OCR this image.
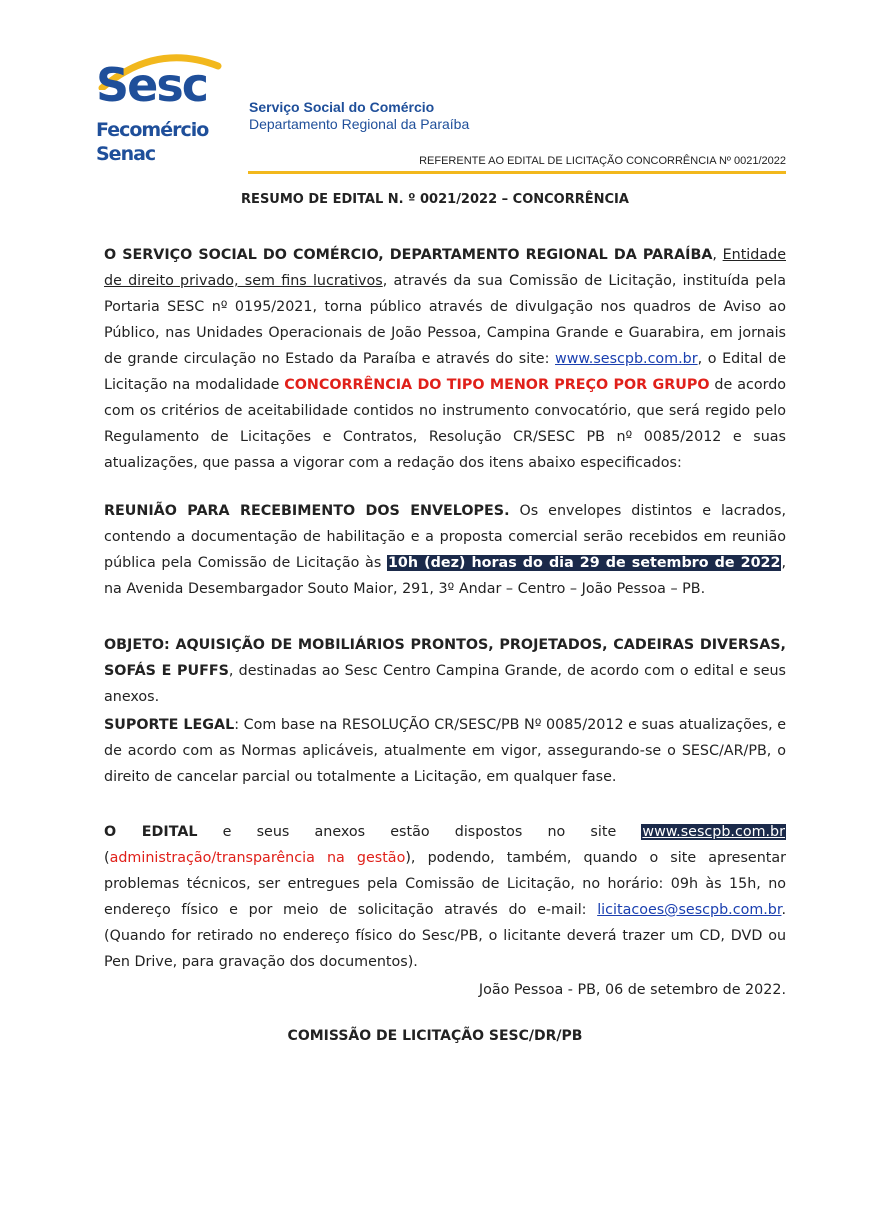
Sesc
Fecomércio
Senac
Serviço Social do Comércio
Departamento Regional da Paraíba
REFERENTE AO EDITAL DE LICITAÇÃO CONCORRÊNCIA Nº 0021/2022
RESUMO DE EDITAL N. º 0021/2022 – CONCORRÊNCIA
O SERVIÇO SOCIAL DO COMÉRCIO, DEPARTAMENTO REGIONAL DA PARAÍBA, Entidade de direito privado, sem fins lucrativos, através da sua Comissão de Licitação, instituída pela Portaria SESC nº 0195/2021, torna público através de divulgação nos quadros de Aviso ao Público, nas Unidades Operacionais de João Pessoa, Campina Grande e Guarabira, em jornais de grande circulação no Estado da Paraíba e através do site: www.sescpb.com.br, o Edital de Licitação na modalidade CONCORRÊNCIA DO TIPO MENOR PREÇO POR GRUPO de acordo com os critérios de aceitabilidade contidos no instrumento convocatório, que será regido pelo Regulamento de Licitações e Contratos, Resolução CR/SESC PB nº 0085/2012 e suas atualizações, que passa a vigorar com a redação dos itens abaixo especificados:
REUNIÃO PARA RECEBIMENTO DOS ENVELOPES. Os envelopes distintos e lacrados, contendo a documentação de habilitação e a proposta comercial serão recebidos em reunião pública pela Comissão de Licitação às 10h (dez) horas do dia 29 de setembro de 2022, na Avenida Desembargador Souto Maior, 291, 3º Andar – Centro – João Pessoa – PB.
OBJETO: AQUISIÇÃO DE MOBILIÁRIOS PRONTOS, PROJETADOS, CADEIRAS DIVERSAS, SOFÁS E PUFFS, destinadas ao Sesc Centro Campina Grande, de acordo com o edital e seus anexos.
SUPORTE LEGAL: Com base na RESOLUÇÃO CR/SESC/PB Nº 0085/2012 e suas atualizações, e de acordo com as Normas aplicáveis, atualmente em vigor, assegurando-se o SESC/AR/PB, o direito de cancelar parcial ou totalmente a Licitação, em qualquer fase.
O EDITAL e seus anexos estão dispostos no site www.sescpb.com.br (administração/transparência na gestão), podendo, também, quando o site apresentar problemas técnicos, ser entregues pela Comissão de Licitação, no horário: 09h às 15h, no endereço físico e por meio de solicitação através do e-mail: licitacoes@sescpb.com.br. (Quando for retirado no endereço físico do Sesc/PB, o licitante deverá trazer um CD, DVD ou Pen Drive, para gravação dos documentos).
João Pessoa - PB, 06 de setembro de 2022.
COMISSÃO DE LICITAÇÃO SESC/DR/PB
